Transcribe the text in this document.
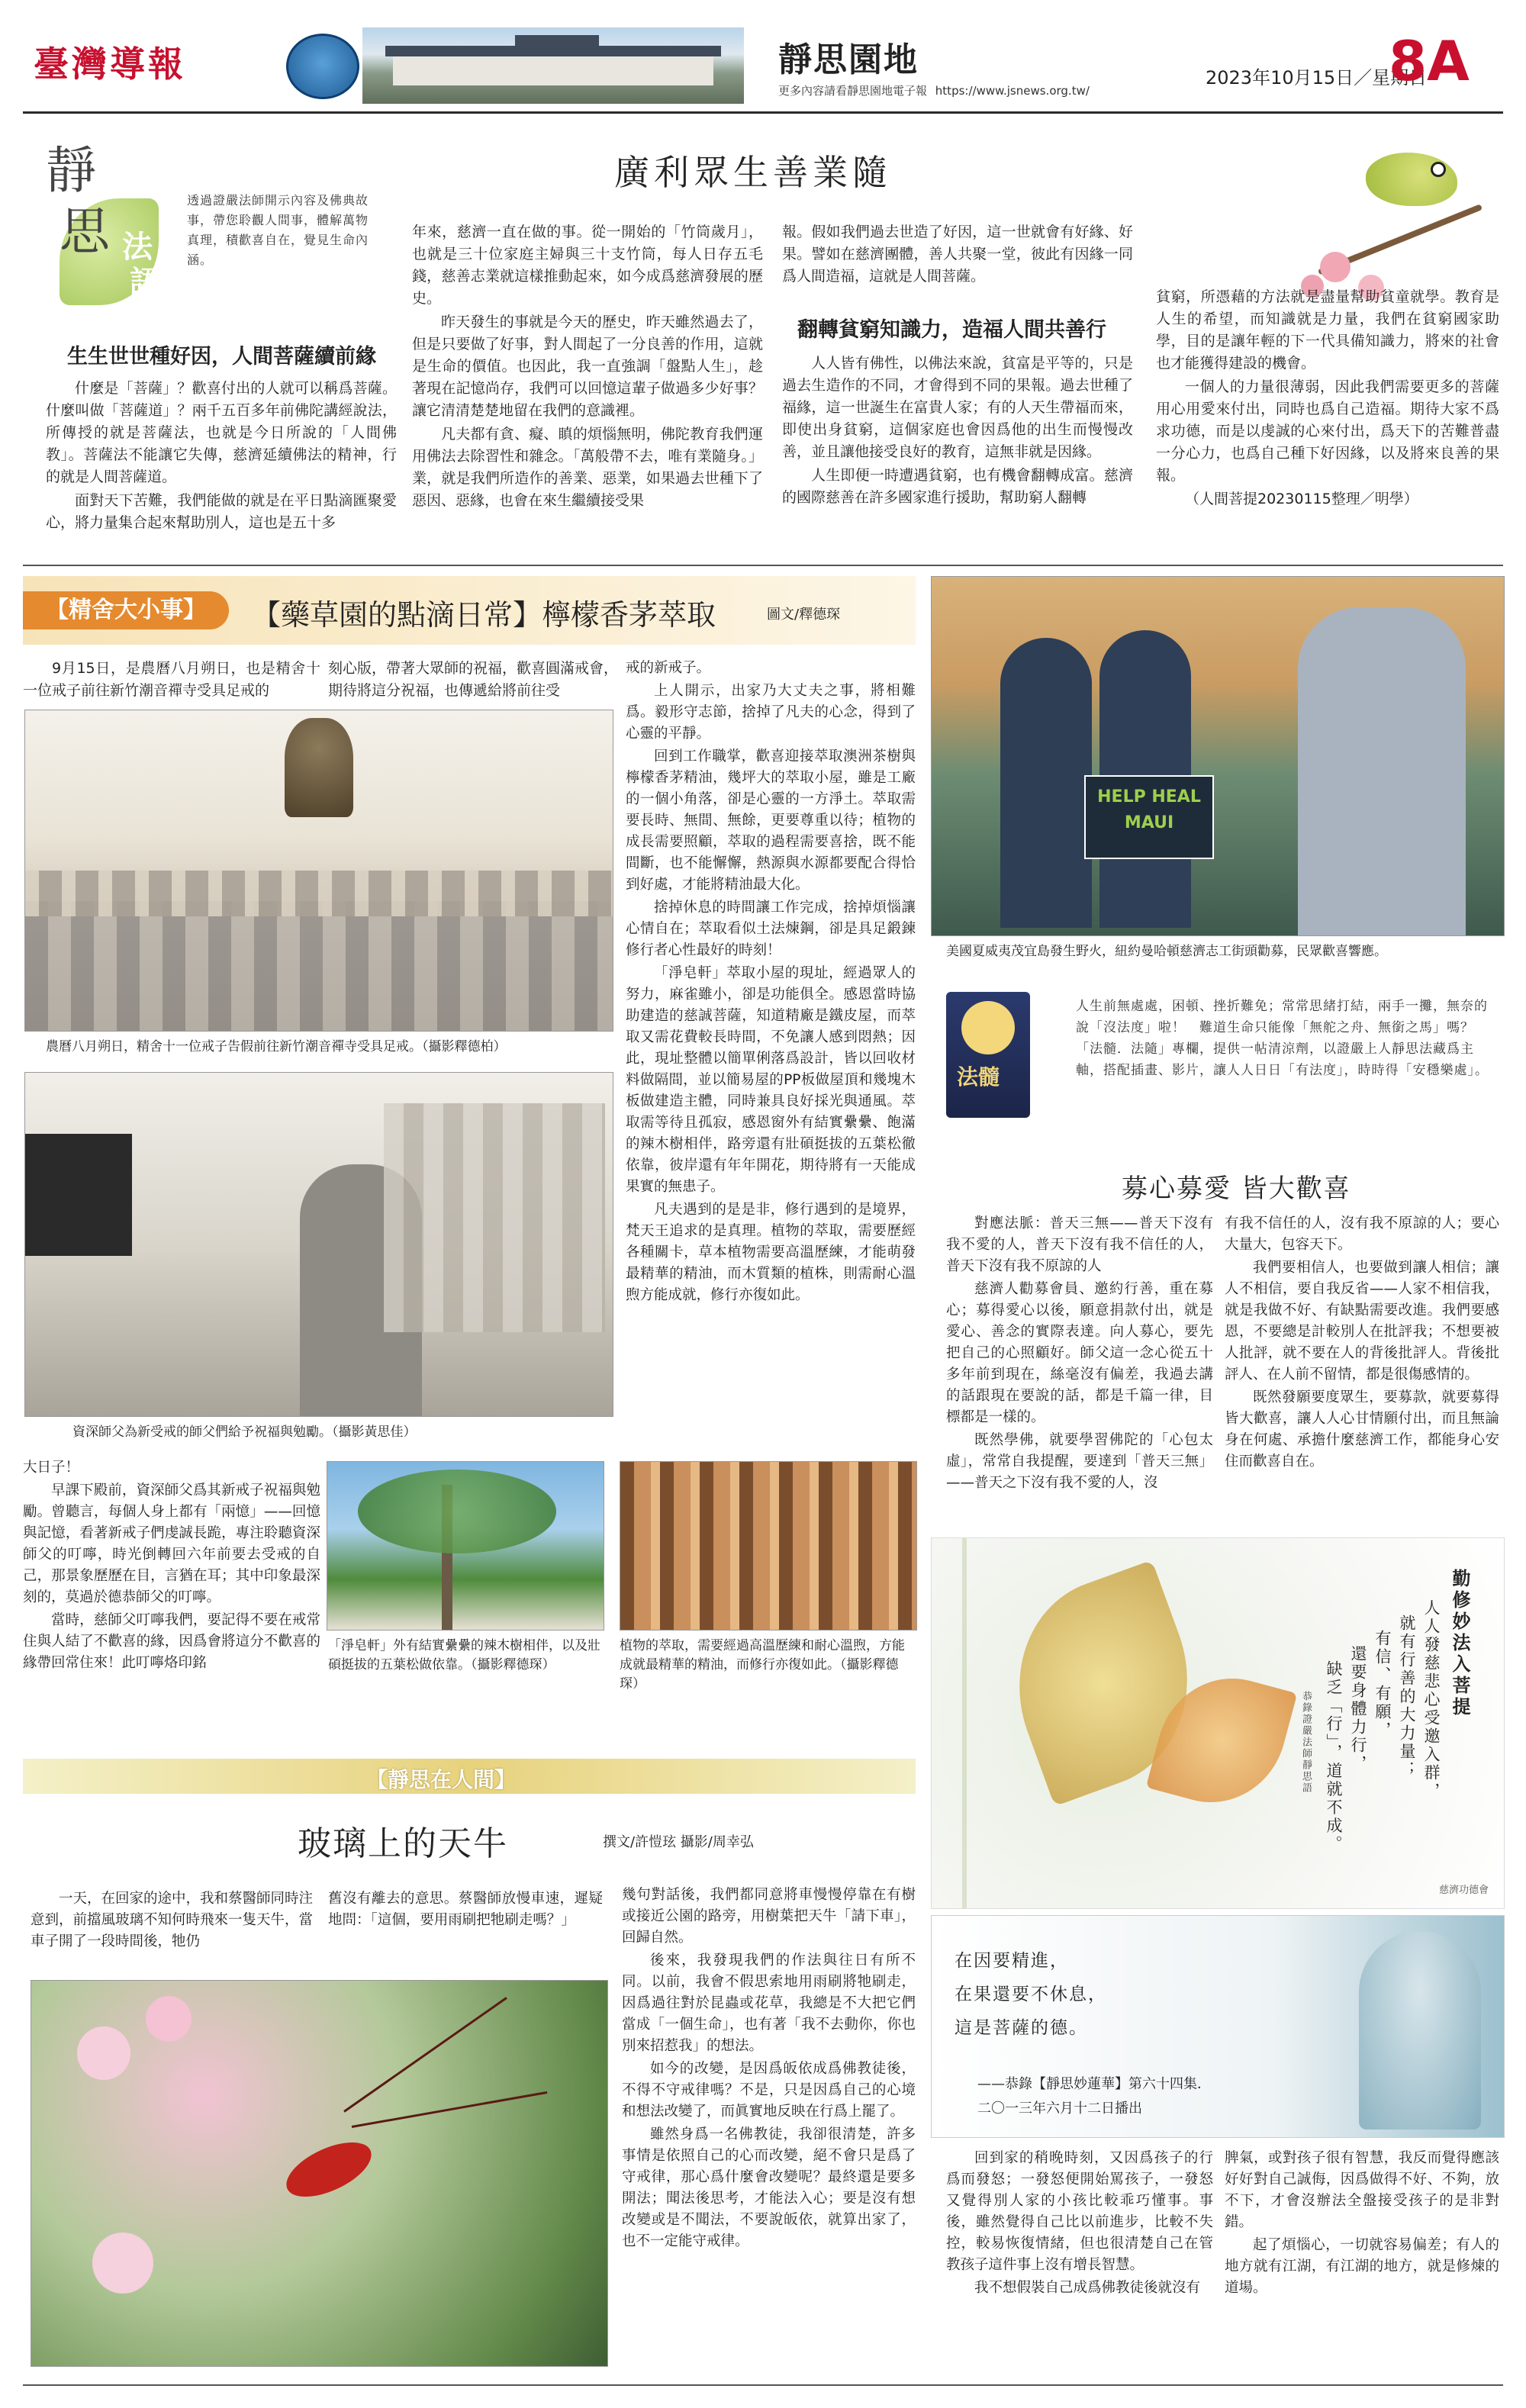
臺灣導報	靜思園地
更多內容請看靜思園地電子報 https://www.jsnews.org.tw/
2023年10月15日／星期日
8A
靜
思 法
語
透過證嚴法師開示內容及佛典故事，帶您聆觀人間事，體解萬物真理，積歡喜自在，覺見生命內涵。
廣利眾生善業隨
生生世世種好因，人間菩薩續前緣

什麼是「菩薩」？歡喜付出的人就可以稱爲菩薩。什麼叫做「菩薩道」？兩千五百多年前佛陀講經說法，所傳授的就是菩薩法，也就是今日所說的「人間佛教」。菩薩法不能讓它失傳，慈濟延續佛法的精神，行的就是人間菩薩道。

面對天下苦難，我們能做的就是在平日點滴匯聚愛心，將力量集合起來幫助別人，這也是五十多

年來，慈濟一直在做的事。從一開始的「竹筒歲月」，也就是三十位家庭主婦與三十支竹筒，每人日存五毛錢，慈善志業就這樣推動起來，如今成爲慈濟發展的歷史。

昨天發生的事就是今天的歷史，昨天雖然過去了，但是只要做了好事，對人間起了一分良善的作用，這就是生命的價值。也因此，我一直強調「盤點人生」，趁著現在記憶尚存，我們可以回憶這輩子做過多少好事？讓它清清楚楚地留在我們的意識裡。

凡夫都有貪、癡、瞋的煩惱無明，佛陀教育我們運用佛法去除習性和雜念。「萬般帶不去，唯有業隨身。」業，就是我們所造作的善業、惡業，如果過去世種下了惡因、惡緣，也會在來生繼續接受果

報。假如我們過去世造了好因，這一世就會有好緣、好果。譬如在慈濟團體，善人共聚一堂，彼此有因緣一同爲人間造福，這就是人間菩薩。

翻轉貧窮知識力，造福人間共善行

人人皆有佛性，以佛法來說，貧富是平等的，只是過去生造作的不同，才會得到不同的果報。過去世種了福緣，這一世誕生在富貴人家；有的人天生帶福而來，即使出身貧窮，這個家庭也會因爲他的出生而慢慢改善，並且讓他接受良好的教育，這無非就是因緣。

人生即便一時遭遇貧窮，也有機會翻轉成富。慈濟的國際慈善在許多國家進行援助，幫助窮人翻轉

貧窮，所憑藉的方法就是盡量幫助貧童就學。教育是人生的希望，而知識就是力量，我們在貧窮國家助學，目的是讓年輕的下一代具備知識力，將來的社會也才能獲得建設的機會。

一個人的力量很薄弱，因此我們需要更多的菩薩用心用愛來付出，同時也爲自己造福。期待大家不爲求功德，而是以虔誠的心來付出，爲天下的苦難普盡一分心力，也爲自己種下好因緣，以及將來良善的果報。

（人間菩提20230115整理／明學）

【精舍大小事】	【藥草園的點滴日常】檸檬香茅萃取	圖文/釋德琛

9月15日，是農曆八月朔日，也是精舍十一位戒子前往新竹潮音禪寺受具足戒的

刻心版，帶著大眾師的祝福，歡喜圓滿戒會，期待將這分祝福，也傳遞給將前往受

農曆八月朔日，精舍十一位戒子告假前往新竹潮音禪寺受具足戒。（攝影釋德柏）
資深師父為新受戒的師父們給予祝福與勉勵。（攝影黃思佳）

戒的新戒子。

上人開示，出家乃大丈夫之事，將相難爲。毅形守志節，捨掉了凡夫的心念，得到了心靈的平靜。

回到工作職掌，歡喜迎接萃取澳洲茶樹與檸檬香茅精油，幾坪大的萃取小屋，雖是工廠的一個小角落，卻是心靈的一方淨土。萃取需要長時、無間、無餘，更要尊重以待；植物的成長需要照顧，萃取的過程需要喜捨，既不能間斷，也不能懈懈，熱源與水源都要配合得恰到好處，才能將精油最大化。

捨掉休息的時間讓工作完成，捨掉煩惱讓心情自在；萃取看似土法煉鋼，卻是具足鍛鍊修行者心性最好的時刻！

「淨皂軒」萃取小屋的現址，經過眾人的努力，麻雀雖小，卻是功能俱全。感恩當時協助建造的慈誠菩薩，知道精廠是鐵皮屋，而萃取又需花費較長時間，不免讓人感到悶熱；因此，現址整體以簡單俐落爲設計，皆以回收材料做隔間，並以簡易屋的PP板做屋頂和幾塊木板做建造主體，同時兼具良好採光與通風。萃取需等待且孤寂，感恩窗外有結實纍纍、飽滿的辣木樹相伴，路旁還有壯碩挺拔的五葉松徹依靠，彼岸還有年年開花，期待將有一天能成果實的無患子。

凡夫遇到的是是非，修行遇到的是境界，梵天王追求的是真理。植物的萃取，需要歷經各種關卡，草本植物需要高溫歷練，才能萌發最精華的精油，而木質類的植株，則需耐心溫煦方能成就，修行亦復如此。

大日子！

早課下殿前，資深師父爲其新戒子祝福與勉勵。曾聽言，每個人身上都有「兩憶」——回憶與記憶，看著新戒子們虔誠長跪，專注聆聽資深師父的叮嚀，時光倒轉回六年前要去受戒的自己，那景象歷歷在目，言猶在耳；其中印象最深刻的，莫過於德恭師父的叮嚀。

當時，慈師父叮嚀我們，要記得不要在戒常住與人結了不歡喜的緣，因爲會將這分不歡喜的緣帶回常住來！此叮嚀烙印銘

「淨皂軒」外有結實纍纍的辣木樹相伴，以及壯碩挺拔的五葉松做依靠。（攝影釋德琛）
植物的萃取，需要經過高溫歷練和耐心溫煦，方能成就最精華的精油，而修行亦復如此。（攝影釋德琛）
HELP HEAL MAUI
美國夏威夷茂宜島發生野火，紐約曼哈頓慈濟志工街頭勸募，民眾歡喜響應。
法髓
人生前無處處，困頓、挫折難免；常常思緒打結，兩手一攤，無奈的說「沒法度」啦！　難道生命只能像「無舵之舟、無銜之馬」嗎？「法髓．法隨」專欄，提供一帖清涼劑，以證嚴上人靜思法藏爲主軸，搭配插畫、影片，讓人人日日「有法度」，時時得「安穩樂處」。
募心募愛 皆大歡喜

對應法脈：普天三無——普天下沒有我不愛的人，普天下沒有我不信任的人，普天下沒有我不原諒的人

慈濟人勸募會員、邀約行善，重在募心；募得愛心以後，願意捐款付出，就是愛心、善念的實際表達。向人募心，要先把自己的心照顧好。師父這一念心從五十多年前到現在，絲毫沒有偏差，我過去講的話跟現在要說的話，都是千篇一律，目標都是一樣的。

既然學佛，就要學習佛陀的「心包太虛」，常常自我提醒，要達到「普天三無」——普天之下沒有我不愛的人，沒

有我不信任的人，沒有我不原諒的人；要心大量大，包容天下。

我們要相信人，也要做到讓人相信；讓人不相信，要自我反省——人家不相信我，就是我做不好、有缺點需要改進。我們要感恩，不要總是計較別人在批評我；不想要被人批評，就不要在人的背後批評人。背後批評人、在人前不留情，都是很傷感情的。

既然發願要度眾生，要募款，就要募得皆大歡喜，讓人人心甘情願付出，而且無論身在何處、承擔什麼慈濟工作，都能身心安住而歡喜自在。

勤修妙法入菩提
人人發慈悲心受邀入群，
就有行善的大力量；
有信、有願，
還要身體力行，
缺乏「行」，道就不成。
恭錄證嚴法師靜思語
慈濟功德會
在因要精進，
在果還要不休息，
這是菩薩的德。
——恭錄【靜思妙蓮華】第六十四集．
二〇一三年六月十二日播出
【靜思在人間】
玻璃上的天牛	撰文/許愷玹 攝影/周幸弘

一天，在回家的途中，我和蔡醫師同時注意到，前擋風玻璃不知何時飛來一隻天牛，當車子開了一段時間後，牠仍

舊沒有離去的意思。蔡醫師放慢車速，遲疑地問：「這個，要用雨刷把牠刷走嗎？」

幾句對話後，我們都同意將車慢慢停靠在有樹或接近公園的路旁，用樹葉把天牛「請下車」，回歸自然。

後來，我發現我們的作法與往日有所不同。以前，我會不假思索地用雨刷將牠刷走，因爲過往對於昆蟲或花草，我總是不大把它們當成「一個生命」，也有著「我不去動你，你也別來招惹我」的想法。

如今的改變，是因爲皈依成爲佛教徒後，不得不守戒律嗎？不是，只是因爲自己的心境和想法改變了，而眞實地反映在行爲上罷了。

雖然身爲一名佛教徒，我卻很清楚，許多事情是依照自己的心而改變，絕不會只是爲了守戒律，那心爲什麼會改變呢？最終還是要多開法；聞法後思考，才能法入心；要是沒有想改變或是不聞法，不要說皈依，就算出家了，也不一定能守戒律。

回到家的稍晚時刻，又因爲孩子的行爲而發怒；一發怒便開始罵孩子，一發怒又覺得別人家的小孩比較乖巧懂事。事後，雖然覺得自己比以前進步，比較不失控，較易恢復情緒，但也很清楚自己在管教孩子這件事上沒有增長智慧。

我不想假裝自己成爲佛教徒後就沒有

脾氣，或對孩子很有智慧，我反而覺得應該好好對自己誠侮，因爲做得不好、不夠，放不下，才會沒辦法全盤接受孩子的是非對錯。

起了煩惱心，一切就容易偏差；有人的地方就有江湖，有江湖的地方，就是修煉的道場。
